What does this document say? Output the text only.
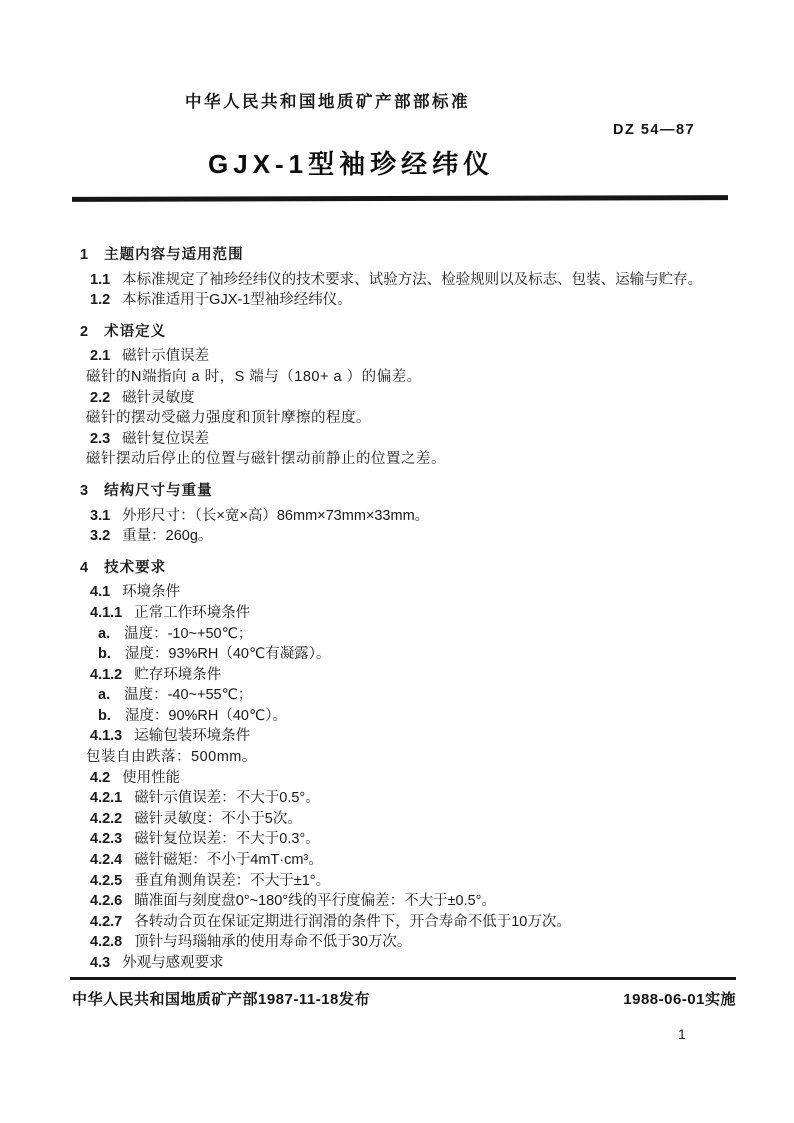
中华人民共和国地质矿产部部标准
DZ 54—87
GJX-1型袖珍经纬仪
1 主题内容与适用范围
1.1 本标准规定了袖珍经纬仪的技术要求、试验方法、检验规则以及标志、包装、运输与贮存。
1.2 本标准适用于GJX-1型袖珍经纬仪。
2 术语定义
2.1 磁针示值误差
磁针的N端指向 a 时，S 端与（180+ a ）的偏差。
2.2 磁针灵敏度
磁针的摆动受磁力强度和顶针摩擦的程度。
2.3 磁针复位误差
磁针摆动后停止的位置与磁针摆动前静止的位置之差。
3 结构尺寸与重量
3.1 外形尺寸：（长×宽×高）86mm×73mm×33mm。
3.2 重量：260g。
4 技术要求
4.1 环境条件
4.1.1 正常工作环境条件
a. 温度：-10~+50℃；
b. 湿度：93%RH（40℃有凝露）。
4.1.2 贮存环境条件
a. 温度：-40~+55℃；
b. 湿度：90%RH（40℃）。
4.1.3 运输包装环境条件
包装自由跌落：500mm。
4.2 使用性能
4.2.1 磁针示值误差：不大于0.5°。
4.2.2 磁针灵敏度：不小于5次。
4.2.3 磁针复位误差：不大于0.3°。
4.2.4 磁针磁矩：不小于4mT·cm³。
4.2.5 垂直角测角误差：不大于±1°。
4.2.6 瞄准面与刻度盘0°~180°线的平行度偏差：不大于±0.5°。
4.2.7 各转动合页在保证定期进行润滑的条件下，开合寿命不低于10万次。
4.2.8 顶针与玛瑙轴承的使用寿命不低于30万次。
4.3 外观与感观要求
中华人民共和国地质矿产部1987-11-18发布	1988-06-01实施
1
